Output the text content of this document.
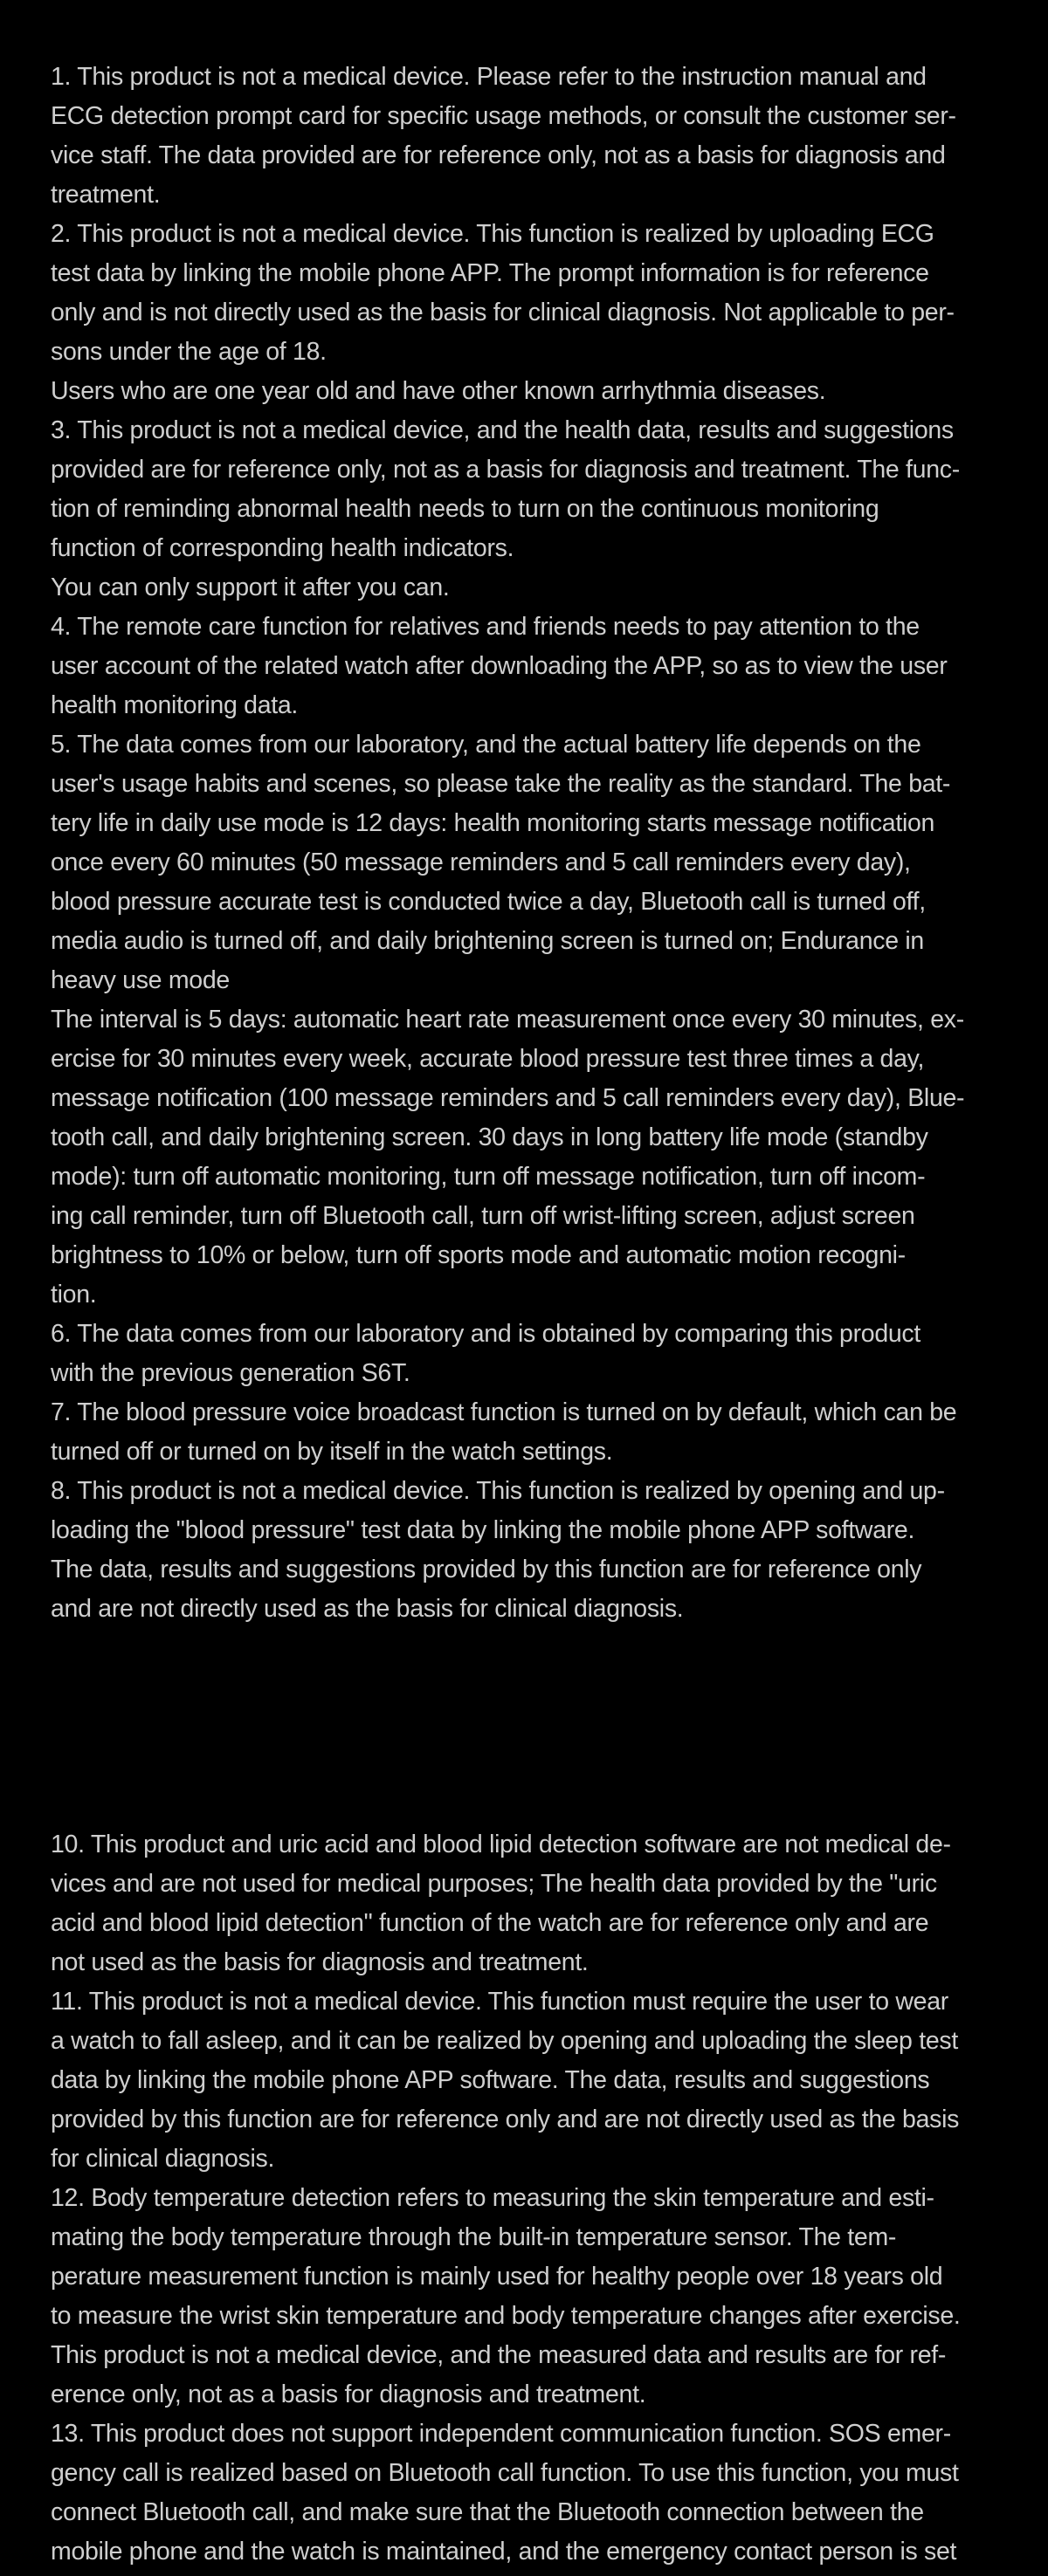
1. This product is not a medical device. Please refer to the instruction manual and
ECG detection prompt card for specific usage methods, or consult the customer ser-
vice staff. The data provided are for reference only, not as a basis for diagnosis and
treatment.
2. This product is not a medical device. This function is realized by uploading ECG
test data by linking the mobile phone APP. The prompt information is for reference
only and is not directly used as the basis for clinical diagnosis. Not applicable to per-
sons under the age of 18.
Users who are one year old and have other known arrhythmia diseases.
3. This product is not a medical device, and the health data, results and suggestions
provided are for reference only, not as a basis for diagnosis and treatment. The func-
tion of reminding abnormal health needs to turn on the continuous monitoring
function of corresponding health indicators.
You can only support it after you can.
4. The remote care function for relatives and friends needs to pay attention to the
user account of the related watch after downloading the APP, so as to view the user
health monitoring data.
5. The data comes from our laboratory, and the actual battery life depends on the
user's usage habits and scenes, so please take the reality as the standard. The bat-
tery life in daily use mode is 12 days: health monitoring starts message notification
once every 60 minutes (50 message reminders and 5 call reminders every day),
blood pressure accurate test is conducted twice a day, Bluetooth call is turned off,
media audio is turned off, and daily brightening screen is turned on; Endurance in
heavy use mode
The interval is 5 days: automatic heart rate measurement once every 30 minutes, ex-
ercise for 30 minutes every week, accurate blood pressure test three times a day,
message notification (100 message reminders and 5 call reminders every day), Blue-
tooth call, and daily brightening screen. 30 days in long battery life mode (standby
mode): turn off automatic monitoring, turn off message notification, turn off incom-
ing call reminder, turn off Bluetooth call, turn off wrist-lifting screen, adjust screen
brightness to 10% or below, turn off sports mode and automatic motion recogni-
tion.
6. The data comes from our laboratory and is obtained by comparing this product
with the previous generation S6T.
7. The blood pressure voice broadcast function is turned on by default, which can be
turned off or turned on by itself in the watch settings.
8. This product is not a medical device. This function is realized by opening and up-
loading the "blood pressure" test data by linking the mobile phone APP software.
The data, results and suggestions provided by this function are for reference only
and are not directly used as the basis for clinical diagnosis.
10. This product and uric acid and blood lipid detection software are not medical de-
vices and are not used for medical purposes; The health data provided by the "uric
acid and blood lipid detection" function of the watch are for reference only and are
not used as the basis for diagnosis and treatment.
11. This product is not a medical device. This function must require the user to wear
a watch to fall asleep, and it can be realized by opening and uploading the sleep test
data by linking the mobile phone APP software. The data, results and suggestions
provided by this function are for reference only and are not directly used as the basis
for clinical diagnosis.
12. Body temperature detection refers to measuring the skin temperature and esti-
mating the body temperature through the built-in temperature sensor. The tem-
perature measurement function is mainly used for healthy people over 18 years old
to measure the wrist skin temperature and body temperature changes after exercise.
This product is not a medical device, and the measured data and results are for ref-
erence only, not as a basis for diagnosis and treatment.
13. This product does not support independent communication function. SOS emer-
gency call is realized based on Bluetooth call function. To use this function, you must
connect Bluetooth call, and make sure that the Bluetooth connection between the
mobile phone and the watch is maintained, and the emergency contact person is set
